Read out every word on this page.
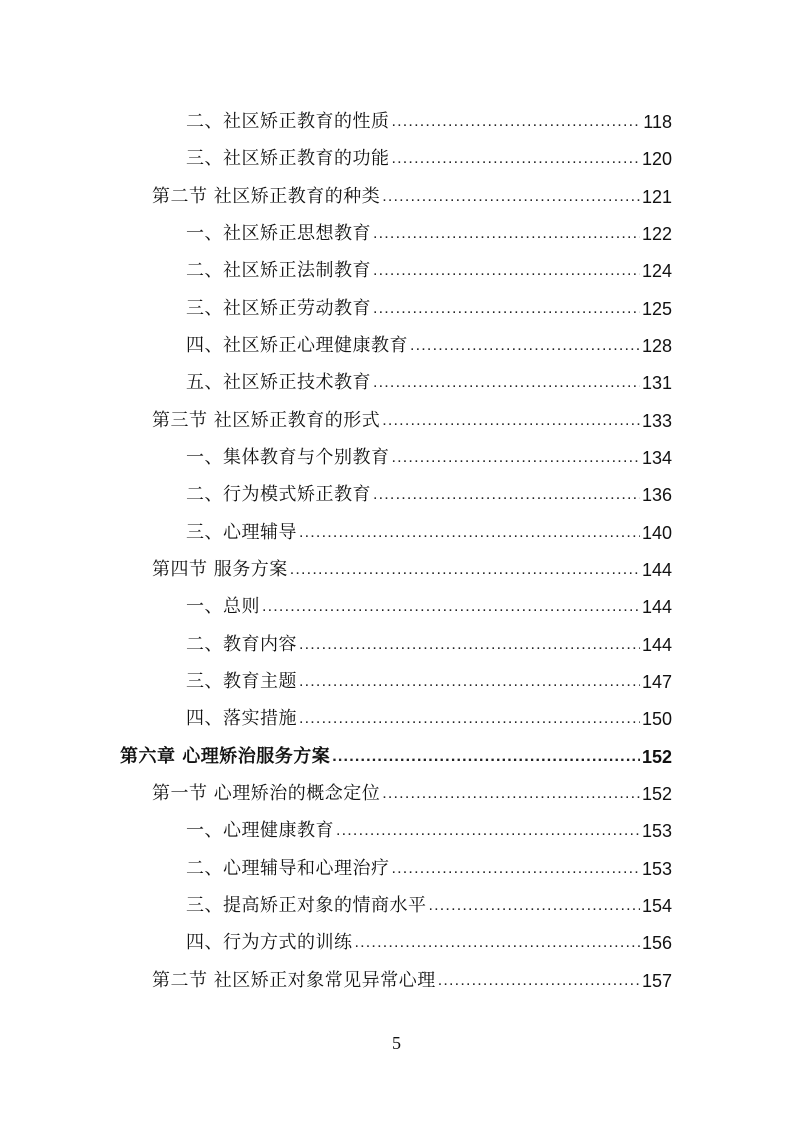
二、社区矫正教育的性质 .....	118
三、社区矫正教育的功能 .....	120
第二节 社区矫正教育的种类 .....	121
一、社区矫正思想教育 .....	122
二、社区矫正法制教育 .....	124
三、社区矫正劳动教育 .....	125
四、社区矫正心理健康教育 .....	128
五、社区矫正技术教育 .....	131
第三节 社区矫正教育的形式 .....	133
一、集体教育与个别教育 .....	134
二、行为模式矫正教育 .....	136
三、心理辅导 .....	140
第四节 服务方案 .....	144
一、总则 .....	144
二、教育内容 .....	144
三、教育主题 .....	147
四、落实措施 .....	150
第六章 心理矫治服务方案 .....	152
第一节 心理矫治的概念定位 .....	152
一、心理健康教育 .....	153
二、心理辅导和心理治疗 .....	153
三、提高矫正对象的情商水平 .....	154
四、行为方式的训练 .....	156
第二节 社区矫正对象常见异常心理 .....	157
5
